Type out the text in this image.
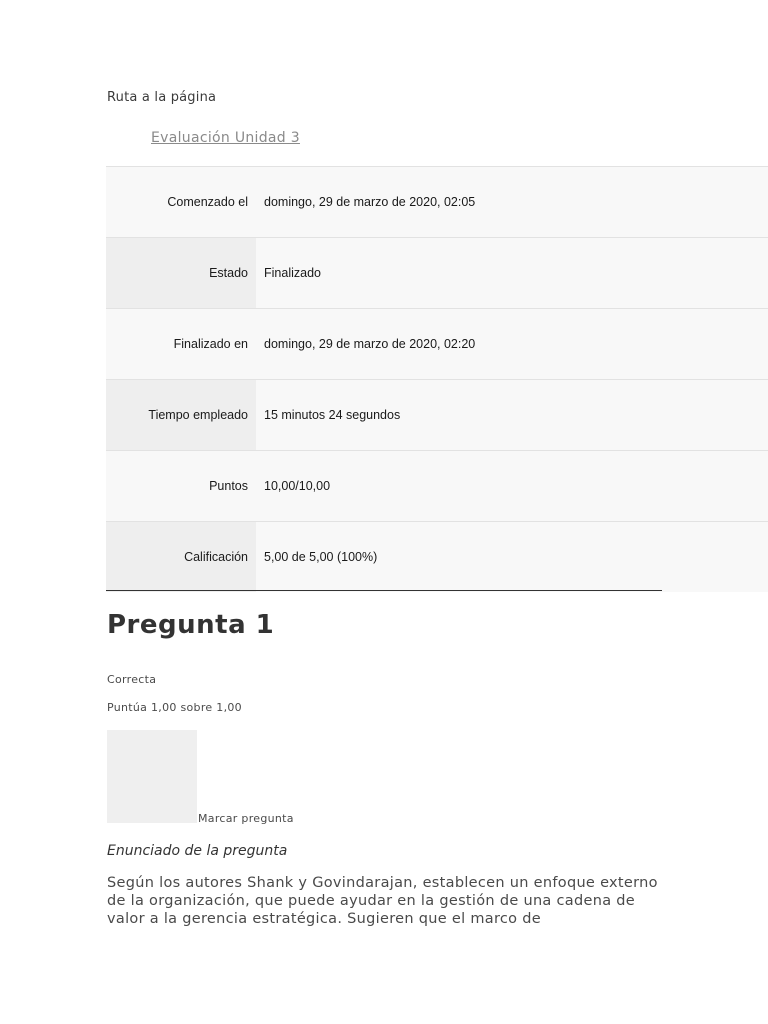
Ruta a la página
Evaluación Unidad 3
Comenzado el	domingo, 29 de marzo de 2020, 02:05
Estado	Finalizado
Finalizado en	domingo, 29 de marzo de 2020, 02:20
Tiempo empleado	15 minutos 24 segundos
Puntos	10,00/10,00
Calificación	5,00 de 5,00 (100%)
Pregunta 1
Correcta
Puntúa 1,00 sobre 1,00
Marcar pregunta
Enunciado de la pregunta
Según los autores Shank y Govindarajan, establecen un enfoque externo de la organización, que puede ayudar en la gestión de una cadena de valor a la gerencia estratégica. Sugieren que el marco de
